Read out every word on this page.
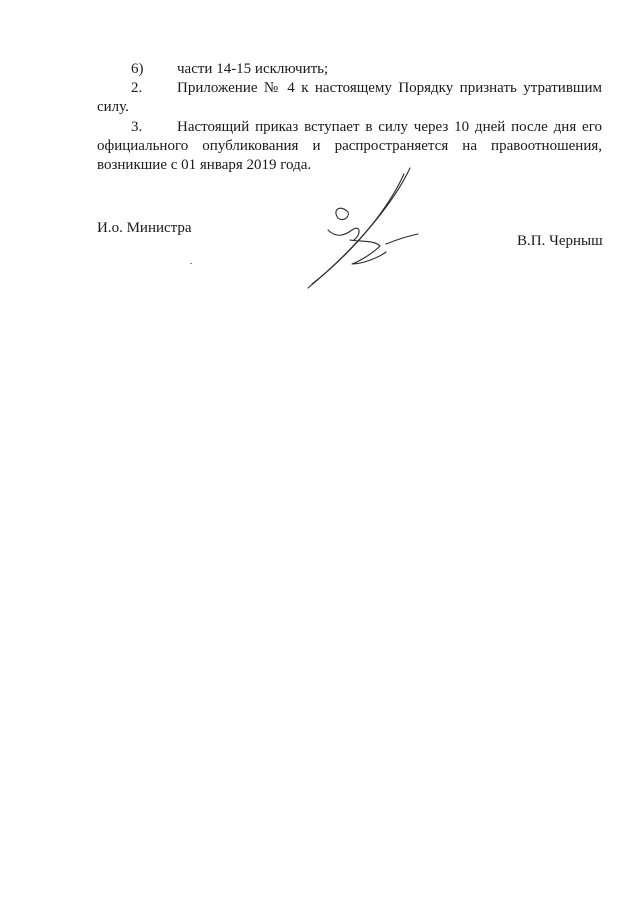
6)	части 14-15 исключить;
2.	Приложение № 4 к настоящему Порядку признать утратившим
силу.
3.	Настоящий приказ вступает в силу через 10 дней после дня его
официального опубликования и распространяется на правоотношения, возникшие с 01 января 2019 года.
И.о. Министра
В.П. Черныш
